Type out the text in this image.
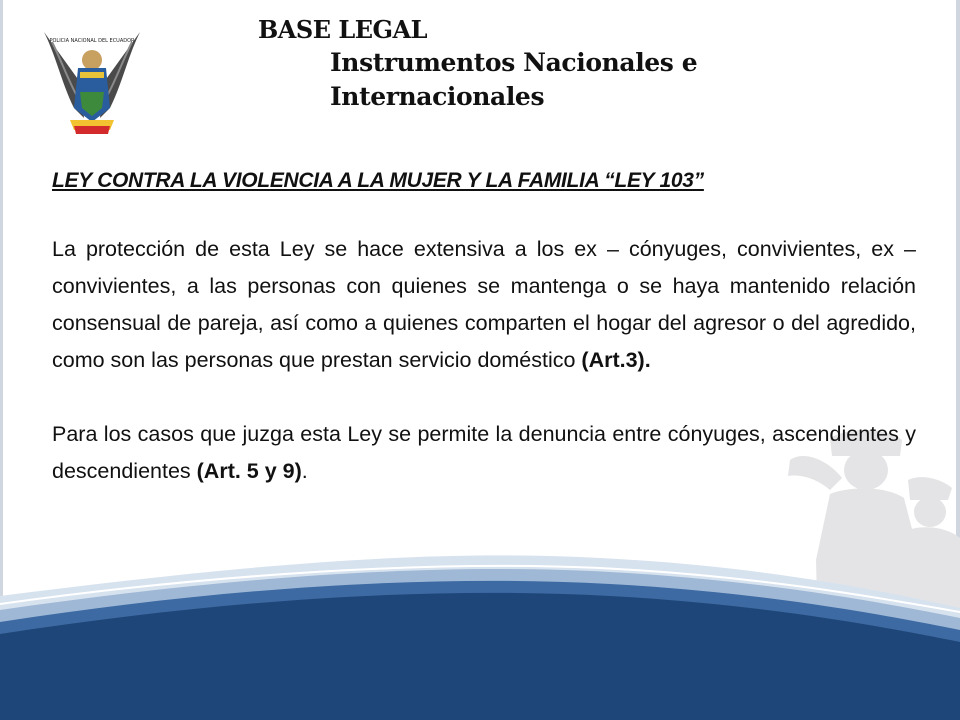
POLICIA NACIONAL DEL ECUADOR	BASE LEGAL
Instrumentos Nacionales e
Internacionales

LEY CONTRA LA VIOLENCIA A LA MUJER Y LA FAMILIA “LEY 103”

La protección de esta Ley se hace extensiva a los ex – cónyuges, convivientes, ex – convivientes, a las personas con quienes se mantenga o se haya mantenido relación consensual de pareja, así como a quienes comparten el hogar del agresor o del agredido, como son las personas que prestan servicio doméstico (Art.3).

Para los casos que juzga esta Ley se permite la denuncia entre cónyuges, ascendientes y descendientes (Art. 5 y 9).
